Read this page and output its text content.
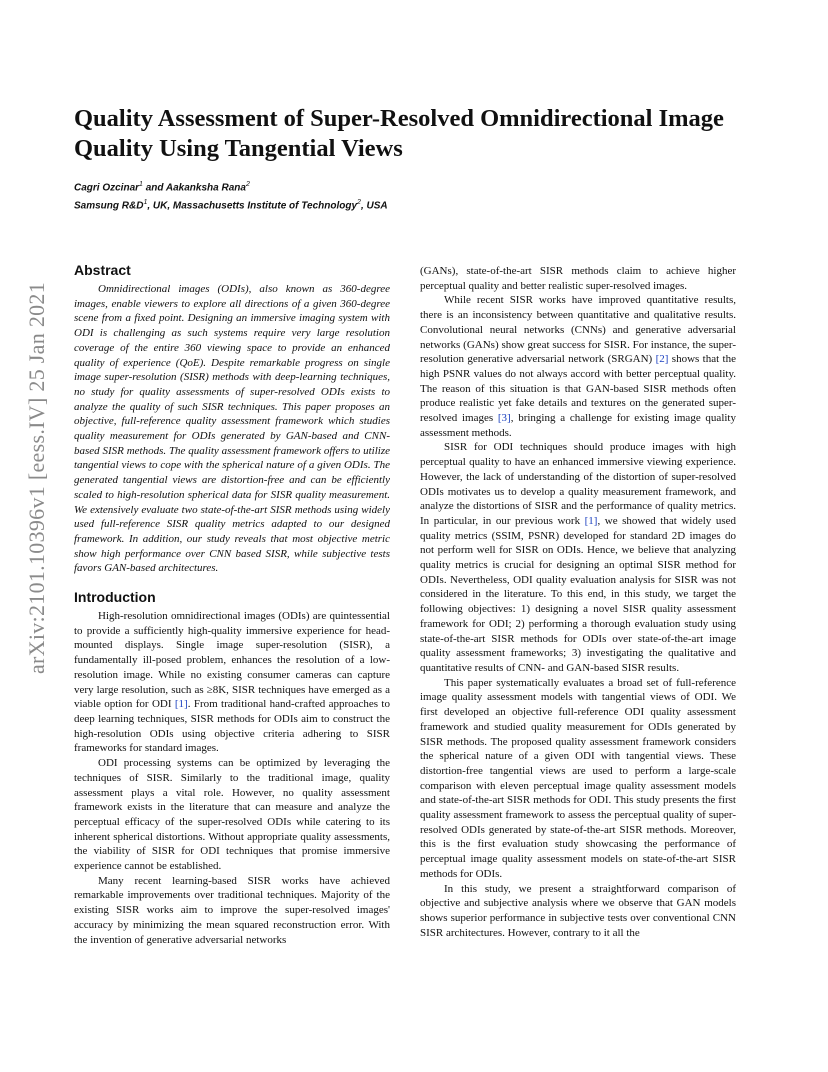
arXiv:2101.10396v1 [eess.IV] 25 Jan 2021
Quality Assessment of Super-Resolved Omnidirectional Image Quality Using Tangential Views
Cagri Ozcinar$^1$ and Aakanksha Rana$^2$
Samsung $R\&D^1$, UK, Massachusetts Institute of Technology$^2$, USA
Abstract

Omnidirectional images (ODIs), also known as 360-degree images, enable viewers to explore all directions of a given 360-degree scene from a fixed point. Designing an immersive imaging system with ODI is challenging as such systems require very large resolution coverage of the entire 360 viewing space to provide an enhanced quality of experience (QoE). Despite remarkable progress on single image super-resolution (SISR) methods with deep-learning techniques, no study for quality assessments of super-resolved ODIs exists to analyze the quality of such SISR techniques. This paper proposes an objective, full-reference quality assessment framework which studies quality measurement for ODIs generated by GAN-based and CNN-based SISR methods. The quality assessment framework offers to utilize tangential views to cope with the spherical nature of a given ODIs. The generated tangential views are distortion-free and can be efficiently scaled to high-resolution spherical data for SISR quality measurement. We extensively evaluate two state-of-the-art SISR methods using widely used full-reference SISR quality metrics adapted to our designed framework. In addition, our study reveals that most objective metric show high performance over CNN based SISR, while subjective tests favors GAN-based architectures.

Introduction

High-resolution omnidirectional images (ODIs) are quintessential to provide a sufficiently high-quality immersive experience for head-mounted displays. Single image super-resolution (SISR), a fundamentally ill-posed problem, enhances the resolution of a low-resolution image. While no existing consumer cameras can capture very large resolution, such as ≥8K, SISR techniques have emerged as a viable option for ODI [1]. From traditional hand-crafted approaches to deep learning techniques, SISR methods for ODIs aim to construct the high-resolution ODIs using objective criteria adhering to SISR frameworks for standard images.

ODI processing systems can be optimized by leveraging the techniques of SISR. Similarly to the traditional image, quality assessment plays a vital role. However, no quality assessment framework exists in the literature that can measure and analyze the perceptual efficacy of the super-resolved ODIs while catering to its inherent spherical distortions. Without appropriate quality assessments, the viability of SISR for ODI techniques that promise immersive experience cannot be established.

Many recent learning-based SISR works have achieved remarkable improvements over traditional techniques. Majority of the existing SISR works aim to improve the super-resolved images' accuracy by minimizing the mean squared reconstruction error. With the invention of generative adversarial networks

(GANs), state-of-the-art SISR methods claim to achieve higher perceptual quality and better realistic super-resolved images.

While recent SISR works have improved quantitative results, there is an inconsistency between quantitative and qualitative results. Convolutional neural networks (CNNs) and generative adversarial networks (GANs) show great success for SISR. For instance, the super-resolution generative adversarial network (SRGAN) [2] shows that the high PSNR values do not always accord with better perceptual quality. The reason of this situation is that GAN-based SISR methods often produce realistic yet fake details and textures on the generated super-resolved images [3], bringing a challenge for existing image quality assessment methods.

SISR for ODI techniques should produce images with high perceptual quality to have an enhanced immersive viewing experience. However, the lack of understanding of the distortion of super-resolved ODIs motivates us to develop a quality measurement framework, and analyze the distortions of SISR and the performance of quality metrics. In particular, in our previous work [1], we showed that widely used quality metrics (SSIM, PSNR) developed for standard 2D images do not perform well for SISR on ODIs. Hence, we believe that analyzing quality metrics is crucial for designing an optimal SISR method for ODIs. Nevertheless, ODI quality evaluation analysis for SISR was not considered in the literature. To this end, in this study, we target the following objectives: 1) designing a novel SISR quality assessment framework for ODI; 2) performing a thorough evaluation study using state-of-the-art SISR methods for ODIs over state-of-the-art image quality assessment frameworks; 3) investigating the qualitative and quantitative results of CNN- and GAN-based SISR results.

This paper systematically evaluates a broad set of full-reference image quality assessment models with tangential views of ODI. We first developed an objective full-reference ODI quality assessment framework and studied quality measurement for ODIs generated by SISR methods. The proposed quality assessment framework considers the spherical nature of a given ODI with tangential views. These distortion-free tangential views are used to perform a large-scale comparison with eleven perceptual image quality assessment models and state-of-the-art SISR methods for ODI. This study presents the first quality assessment framework to assess the perceptual quality of super-resolved ODIs generated by state-of-the-art SISR methods. Moreover, this is the first evaluation study showcasing the performance of perceptual image quality assessment models on state-of-the-art SISR methods for ODIs.

In this study, we present a straightforward comparison of objective and subjective analysis where we observe that GAN models shows superior performance in subjective tests over conventional CNN SISR architectures. However, contrary to it all the
